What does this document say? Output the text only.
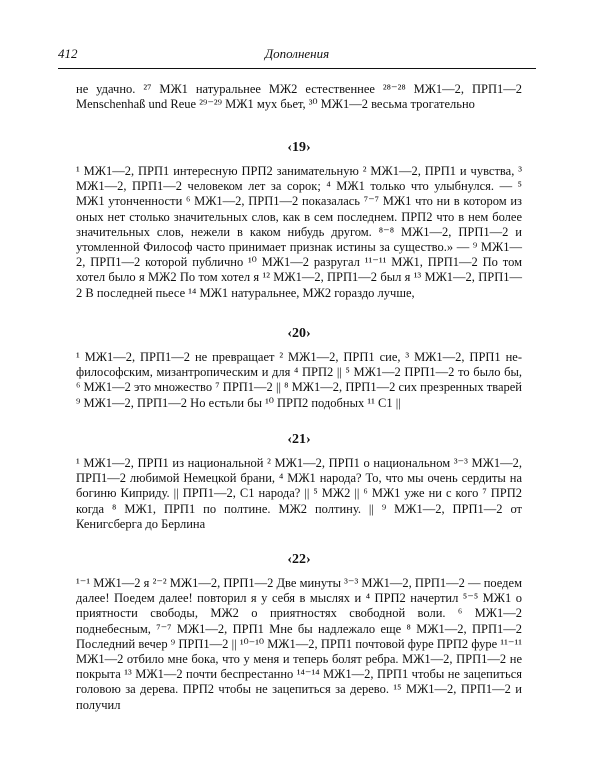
412	Дополнения

не удачно. ²⁷ МЖ1 натуральнее МЖ2 естественнее ²⁸⁻²⁸ МЖ1—2, ПРП1—2 Menschenhaß und Reue ²⁹⁻²⁹ МЖ1 мух бьет, ³⁰ МЖ1—2 весьма трогательно

‹19›

¹ МЖ1—2, ПРП1 интересную ПРП2 занимательную ² МЖ1—2, ПРП1 и чувства, ³ МЖ1—2, ПРП1—2 человеком лет за сорок; ⁴ МЖ1 только что улыбнулся. — ⁵ МЖ1 утонченности ⁶ МЖ1—2, ПРП1—2 показалась ⁷⁻⁷ МЖ1 что ни в котором из оных нет столько значительных слов, как в сем последнем. ПРП2 что в нем более значительных слов, нежели в каком нибудь другом. ⁸⁻⁸ МЖ1—2, ПРП1—2 и утомленной Философ часто принимает признак истины за существо.» — ⁹ МЖ1—2, ПРП1—2 которой публично ¹⁰ МЖ1—2 разругал ¹¹⁻¹¹ МЖ1, ПРП1—2 По том хотел было я МЖ2 По том хотел я ¹² МЖ1—2, ПРП1—2 был я ¹³ МЖ1—2, ПРП1—2 В последней пьесе ¹⁴ МЖ1 натуральнее, МЖ2 гораздо лучше,

‹20›

¹ МЖ1—2, ПРП1—2 не превращает ² МЖ1—2, ПРП1 сие, ³ МЖ1—2, ПРП1 не-философским, мизантропическим и для ⁴ ПРП2 || ⁵ МЖ1—2 ПРП1—2 то было бы, ⁶ МЖ1—2 это множество ⁷ ПРП1—2 || ⁸ МЖ1—2, ПРП1—2 сих презренных тварей ⁹ МЖ1—2, ПРП1—2 Но естьли бы ¹⁰ ПРП2 подобных ¹¹ С1 ||

‹21›

¹ МЖ1—2, ПРП1 из национальной ² МЖ1—2, ПРП1 о национальном ³⁻³ МЖ1—2, ПРП1—2 любимой Немецкой брани, ⁴ МЖ1 народа? То, что мы очень сердиты на богиню Киприду. || ПРП1—2, С1 народа? || ⁵ МЖ2 || ⁶ МЖ1 уже ни с кого ⁷ ПРП2 когда ⁸ МЖ1, ПРП1 по полтине. МЖ2 полтину. || ⁹ МЖ1—2, ПРП1—2 от Кенигсберга до Берлина

‹22›

¹⁻¹ МЖ1—2 я ²⁻² МЖ1—2, ПРП1—2 Две минуты ³⁻³ МЖ1—2, ПРП1—2 — поедем далее! Поедем далее! повторил я у себя в мыслях и ⁴ ПРП2 начертил ⁵⁻⁵ МЖ1 о приятности свободы, МЖ2 о приятностях свободной воли. ⁶ МЖ1—2 поднебесным, ⁷⁻⁷ МЖ1—2, ПРП1 Мне бы надлежало еще ⁸ МЖ1—2, ПРП1—2 Последний вечер ⁹ ПРП1—2 || ¹⁰⁻¹⁰ МЖ1—2, ПРП1 почтовой фуре ПРП2 фуре ¹¹⁻¹¹ МЖ1—2 отбило мне бока, что у меня и теперь болят ребра. МЖ1—2, ПРП1—2 не покрыта ¹³ МЖ1—2 почти беспрестанно ¹⁴⁻¹⁴ МЖ1—2, ПРП1 чтобы не зацепиться головою за дерева. ПРП2 чтобы не зацепиться за дерево. ¹⁵ МЖ1—2, ПРП1—2 и получил
